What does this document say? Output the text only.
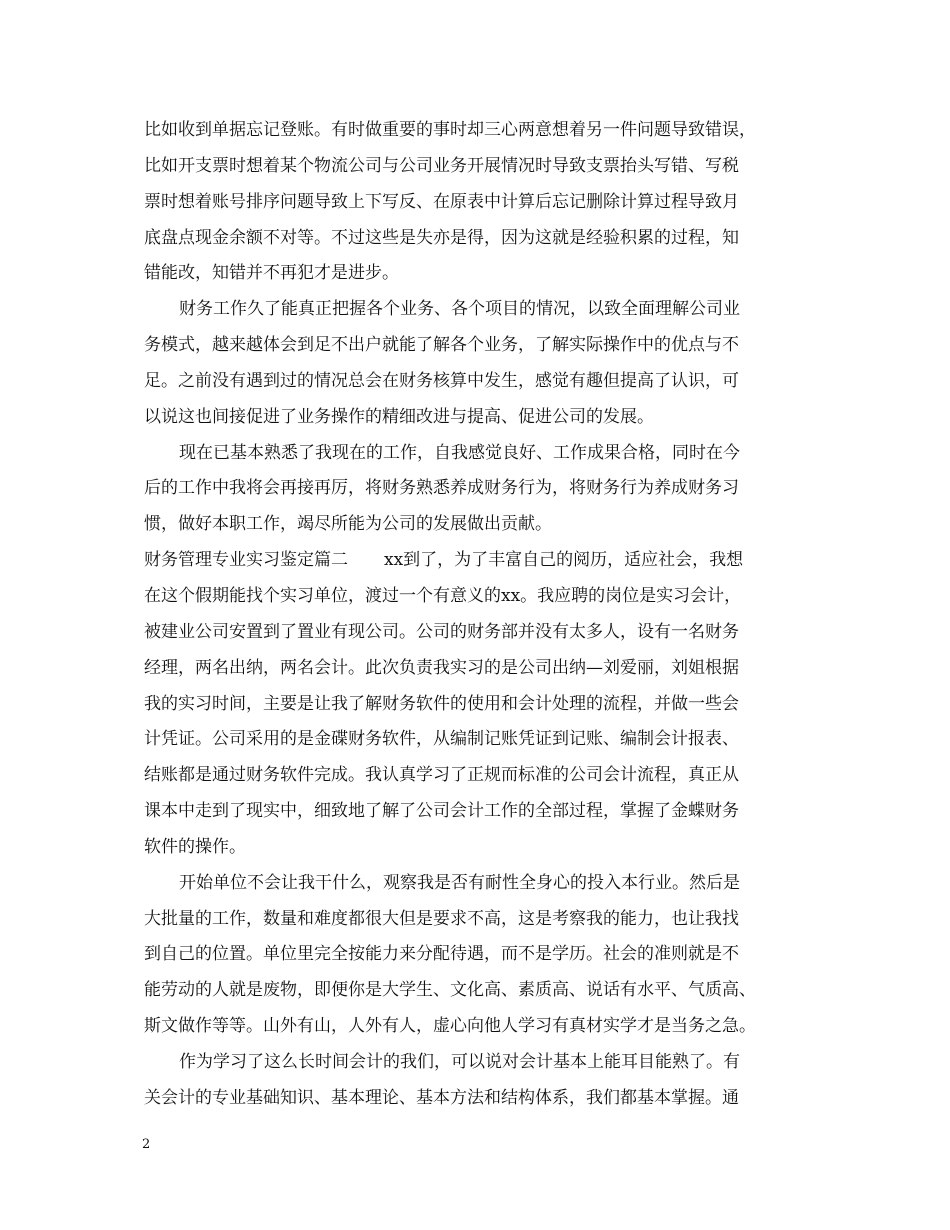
比如收到单据忘记登账。有时做重要的事时却三心两意想着另一件问题导致错误，
比如开支票时想着某个物流公司与公司业务开展情况时导致支票抬头写错、写税
票时想着账号排序问题导致上下写反、在原表中计算后忘记删除计算过程导致月
底盘点现金余额不对等。不过这些是失亦是得，因为这就是经验积累的过程，知
错能改，知错并不再犯才是进步。
财务工作久了能真正把握各个业务、各个项目的情况，以致全面理解公司业
务模式，越来越体会到足不出户就能了解各个业务，了解实际操作中的优点与不
足。之前没有遇到过的情况总会在财务核算中发生，感觉有趣但提高了认识，可
以说这也间接促进了业务操作的精细改进与提高、促进公司的发展。
现在已基本熟悉了我现在的工作，自我感觉良好、工作成果合格，同时在今
后的工作中我将会再接再厉，将财务熟悉养成财务行为，将财务行为养成财务习
惯，做好本职工作，竭尽所能为公司的发展做出贡献。
财务管理专业实习鉴定篇二 xx到了，为了丰富自己的阅历，适应社会，我想
在这个假期能找个实习单位，渡过一个有意义的xx。我应聘的岗位是实习会计，
被建业公司安置到了置业有现公司。公司的财务部并没有太多人，设有一名财务
经理，两名出纳，两名会计。此次负责我实习的是公司出纳—刘爱丽，刘姐根据
我的实习时间，主要是让我了解财务软件的使用和会计处理的流程，并做一些会
计凭证。公司采用的是金碟财务软件，从编制记账凭证到记账、编制会计报表、
结账都是通过财务软件完成。我认真学习了正规而标准的公司会计流程，真正从
课本中走到了现实中，细致地了解了公司会计工作的全部过程，掌握了金蝶财务
软件的操作。
开始单位不会让我干什么，观察我是否有耐性全身心的投入本行业。然后是
大批量的工作，数量和难度都很大但是要求不高，这是考察我的能力，也让我找
到自己的位置。单位里完全按能力来分配待遇，而不是学历。社会的准则就是不
能劳动的人就是废物，即便你是大学生、文化高、素质高、说话有水平、气质高、
斯文做作等等。山外有山，人外有人，虚心向他人学习有真材实学才是当务之急。
作为学习了这么长时间会计的我们，可以说对会计基本上能耳目能熟了。有
关会计的专业基础知识、基本理论、基本方法和结构体系，我们都基本掌握。通
2
